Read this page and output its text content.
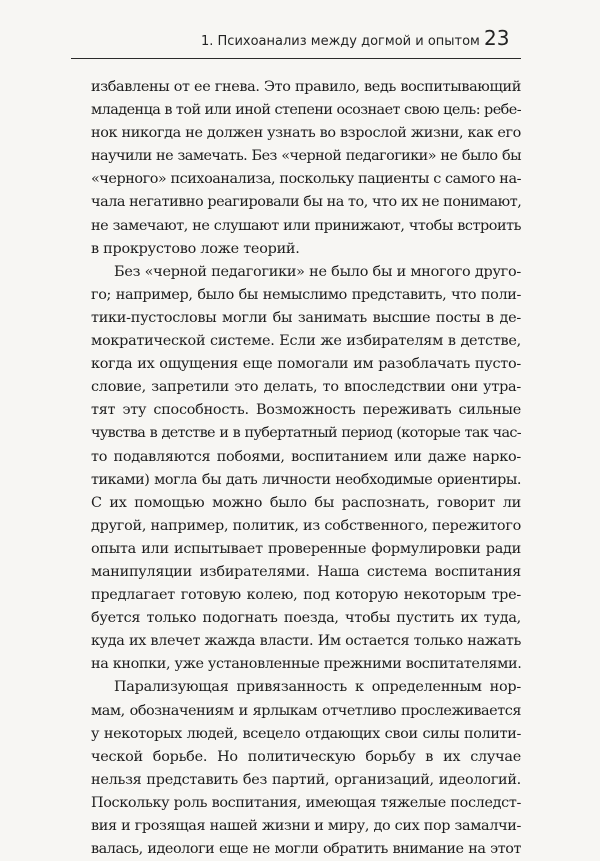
1. Психоанализ между догмой и опытом 23
избавлены от ее гнева. Это правило, ведь воспитывающий
младенца в той или иной степени осознает свою цель: ребе-
нок никогда не должен узнать во взрослой жизни, как его
научили не замечать. Без «черной педагогики» не было бы
«черного» психоанализа, поскольку пациенты с самого на-
чала негативно реагировали бы на то, что их не понимают,
не замечают, не слушают или принижают, чтобы встроить
в прокрустово ложе теорий.
Без «черной педагогики» не было бы и многого друго-
го; например, было бы немыслимо представить, что поли-
тики-пустословы могли бы занимать высшие посты в де-
мократической системе. Если же избирателям в детстве,
когда их ощущения еще помогали им разоблачать пусто-
словие, запретили это делать, то впоследствии они утра-
тят эту способность. Возможность переживать сильные
чувства в детстве и в пубертатный период (которые так час-
то подавляются побоями, воспитанием или даже нарко-
тиками) могла бы дать личности необходимые ориентиры.
С их помощью можно было бы распознать, говорит ли
другой, например, политик, из собственного, пережитого
опыта или испытывает проверенные формулировки ради
манипуляции избирателями. Наша система воспитания
предлагает готовую колею, под которую некоторым тре-
буется только подогнать поезда, чтобы пустить их туда,
куда их влечет жажда власти. Им остается только нажать
на кнопки, уже установленные прежними воспитателями.
Парализующая привязанность к определенным нор-
мам, обозначениям и ярлыкам отчетливо прослеживается
у некоторых людей, всецело отдающих свои силы полити-
ческой борьбе. Но политическую борьбу в их случае
нельзя представить без партий, организаций, идеологий.
Поскольку роль воспитания, имеющая тяжелые последст-
вия и грозящая нашей жизни и миру, до сих пор замалчи-
валась, идеологи еще не могли обратить внимание на этот
